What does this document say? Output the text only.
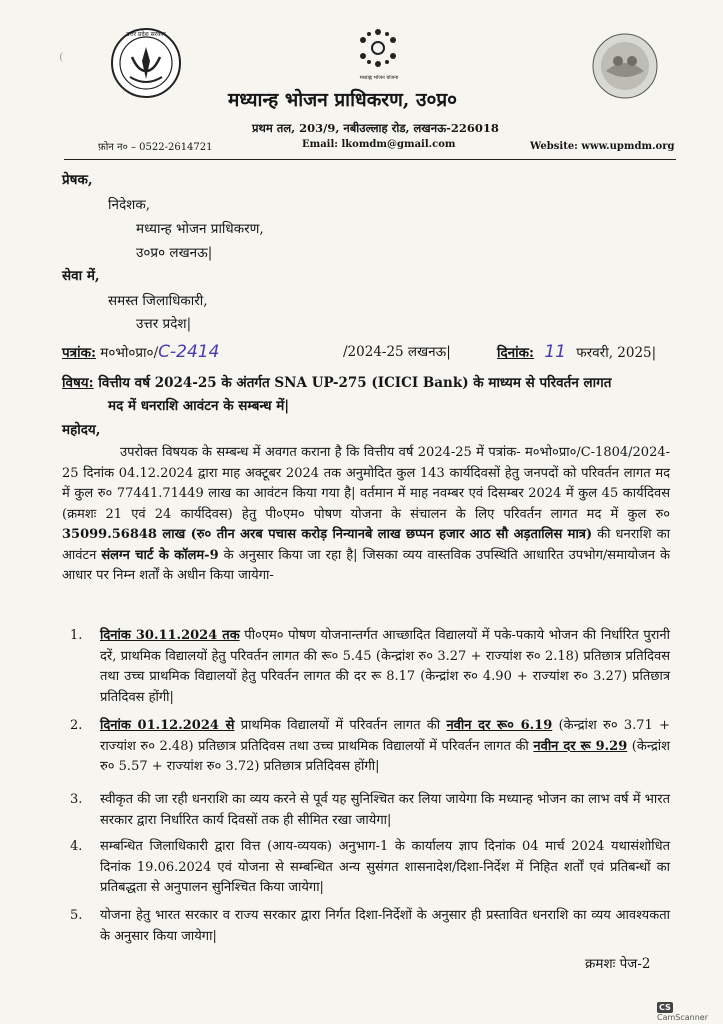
उत्तर प्रदेश सरकार
मध्याह्न भोजन योजना
मध्यान्ह भोजन प्राधिकरण, उ०प्र०
प्रथम तल, 203/9, नबीउल्लाह रोड, लखनऊ-226018
फ़ोन न० – 0522-2614721	Email: lkomdm@gmail.com	Website: www.upmdm.org
प्रेषक,
निदेशक,
मध्यान्ह भोजन प्राधिकरण,
उ०प्र० लखनऊ|
सेवा में,
समस्त जिलाधिकारी,
उत्तर प्रदेश|
पत्रांक: म०भो०प्रा०/C-2414	/2024-25 लखनऊ|	दिनांक: 11 फरवरी, 2025|
विषय: वित्तीय वर्ष 2024-25 के अंतर्गत SNA UP-275 (ICICI Bank) के माध्यम से परिवर्तन लागत
मद में धनराशि आवंटन के सम्बन्ध में|
महोदय,
उपरोक्त विषयक के सम्बन्ध में अवगत कराना है कि वित्तीय वर्ष 2024-25 में पत्रांक- म०भो०प्रा०/C-1804/2024-25 दिनांक 04.12.2024 द्वारा माह अक्टूबर 2024 तक अनुमोदित कुल 143 कार्यदिवसों हेतु जनपदों को परिवर्तन लागत मद में कुल रु० 77441.71449 लाख का आवंटन किया गया है| वर्तमान में माह नवम्बर एवं दिसम्बर 2024 में कुल 45 कार्यदिवस (क्रमशः 21 एवं 24 कार्यदिवस) हेतु पी०एम० पोषण योजना के संचालन के लिए परिवर्तन लागत मद में कुल रु० 35099.56848 लाख (रु० तीन अरब पचास करोड़ निन्यानबे लाख छप्पन हजार आठ सौ अड़तालिस मात्र) की धनराशि का आवंटन संलग्न चार्ट के कॉलम-9 के अनुसार किया जा रहा है| जिसका व्यय वास्तविक उपस्थिति आधारित उपभोग/समायोजन के आधार पर निम्न शर्तों के अधीन किया जायेगा-
1. दिनांक 30.11.2024 तक पी०एम० पोषण योजनान्तर्गत आच्छादित विद्यालयों में पके-पकाये भोजन की निर्धारित पुरानी दरें, प्राथमिक विद्यालयों हेतु परिवर्तन लागत की रू० 5.45 (केन्द्रांश रु० 3.27 + राज्यांश रु० 2.18) प्रतिछात्र प्रतिदिवस तथा उच्च प्राथमिक विद्यालयों हेतु परिवर्तन लागत की दर रू 8.17 (केन्द्रांश रु० 4.90 + राज्यांश रु० 3.27) प्रतिछात्र प्रतिदिवस होंगी|
2. दिनांक 01.12.2024 से प्राथमिक विद्यालयों में परिवर्तन लागत की नवीन दर रू० 6.19 (केन्द्रांश रु० 3.71 + राज्यांश रु० 2.48) प्रतिछात्र प्रतिदिवस तथा उच्च प्राथमिक विद्यालयों में परिवर्तन लागत की नवीन दर रू 9.29 (केन्द्रांश रु० 5.57 + राज्यांश रु० 3.72) प्रतिछात्र प्रतिदिवस होंगी|
3. स्वीकृत की जा रही धनराशि का व्यय करने से पूर्व यह सुनिश्चित कर लिया जायेगा कि मध्यान्ह भोजन का लाभ वर्ष में भारत सरकार द्वारा निर्धारित कार्य दिवसों तक ही सीमित रखा जायेगा|
4. सम्बन्धित जिलाधिकारी द्वारा वित्त (आय-व्ययक) अनुभाग-1 के कार्यालय ज्ञाप दिनांक 04 मार्च 2024 यथासंशोधित दिनांक 19.06.2024 एवं योजना से सम्बन्धित अन्य सुसंगत शासनादेश/दिशा-निर्देश में निहित शर्तों एवं प्रतिबन्धों का प्रतिबद्धता से अनुपालन सुनिश्चित किया जायेगा|
5. योजना हेतु भारत सरकार व राज्य सरकार द्वारा निर्गत दिशा-निर्देशों के अनुसार ही प्रस्तावित धनराशि का व्यय आवश्यकता के अनुसार किया जायेगा|
क्रमशः पेज-2
CSCamScanner
